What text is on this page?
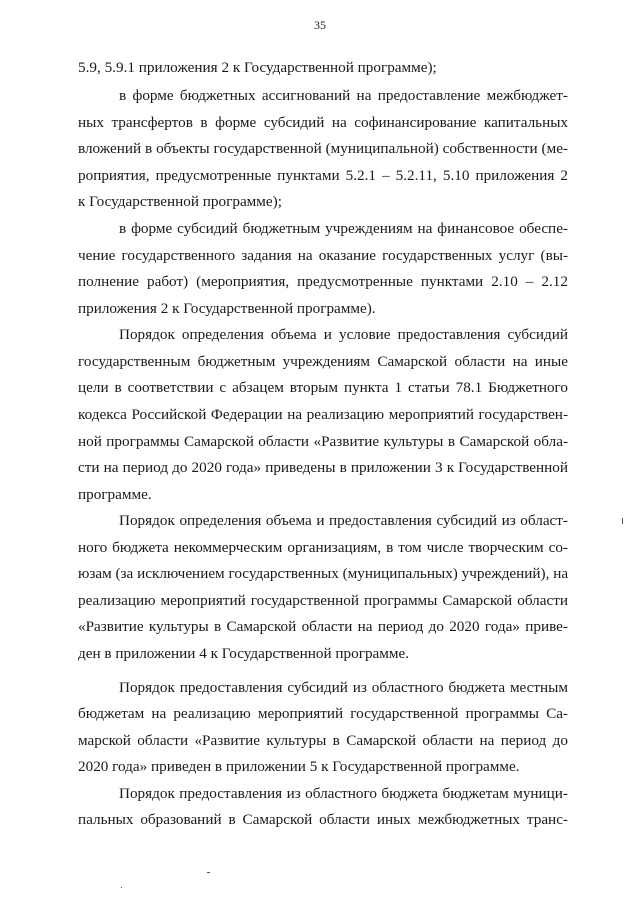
35
5.9, 5.9.1 приложения 2 к Государственной программе);
в форме бюджетных ассигнований на предоставление межбюджет-
ных трансфертов в форме субсидий на софинансирование капитальных
вложений в объекты государственной (муниципальной) собственности (ме-
роприятия, предусмотренные пунктами 5.2.1 – 5.2.11, 5.10 приложения 2
к Государственной программе);
в форме субсидий бюджетным учреждениям на финансовое обеспе-
чение государственного задания на оказание государственных услуг (вы-
полнение работ) (мероприятия, предусмотренные пунктами 2.10 – 2.12
приложения 2 к Государственной программе).
Порядок определения объема и условие предоставления субсидий
государственным бюджетным учреждениям Самарской области на иные
цели в соответствии с абзацем вторым пункта 1 статьи 78.1 Бюджетного
кодекса Российской Федерации на реализацию мероприятий государствен-
ной программы Самарской области «Развитие культуры в Самарской обла-
сти на период до 2020 года» приведены в приложении 3 к Государственной
программе.
Порядок определения объема и предоставления субсидий из област-
ного бюджета некоммерческим организациям, в том числе творческим со-
юзам (за исключением государственных (муниципальных) учреждений), на
реализацию мероприятий государственной программы Самарской области
«Развитие культуры в Самарской области на период до 2020 года» приве-
ден в приложении 4 к Государственной программе.
Порядок предоставления субсидий из областного бюджета местным
бюджетам на реализацию мероприятий государственной программы Са-
марской области «Развитие культуры в Самарской области на период до
2020 года» приведен в приложении 5 к Государственной программе.
Порядок предоставления из областного бюджета бюджетам муници-
пальных образований в Самарской области иных межбюджетных транс-
